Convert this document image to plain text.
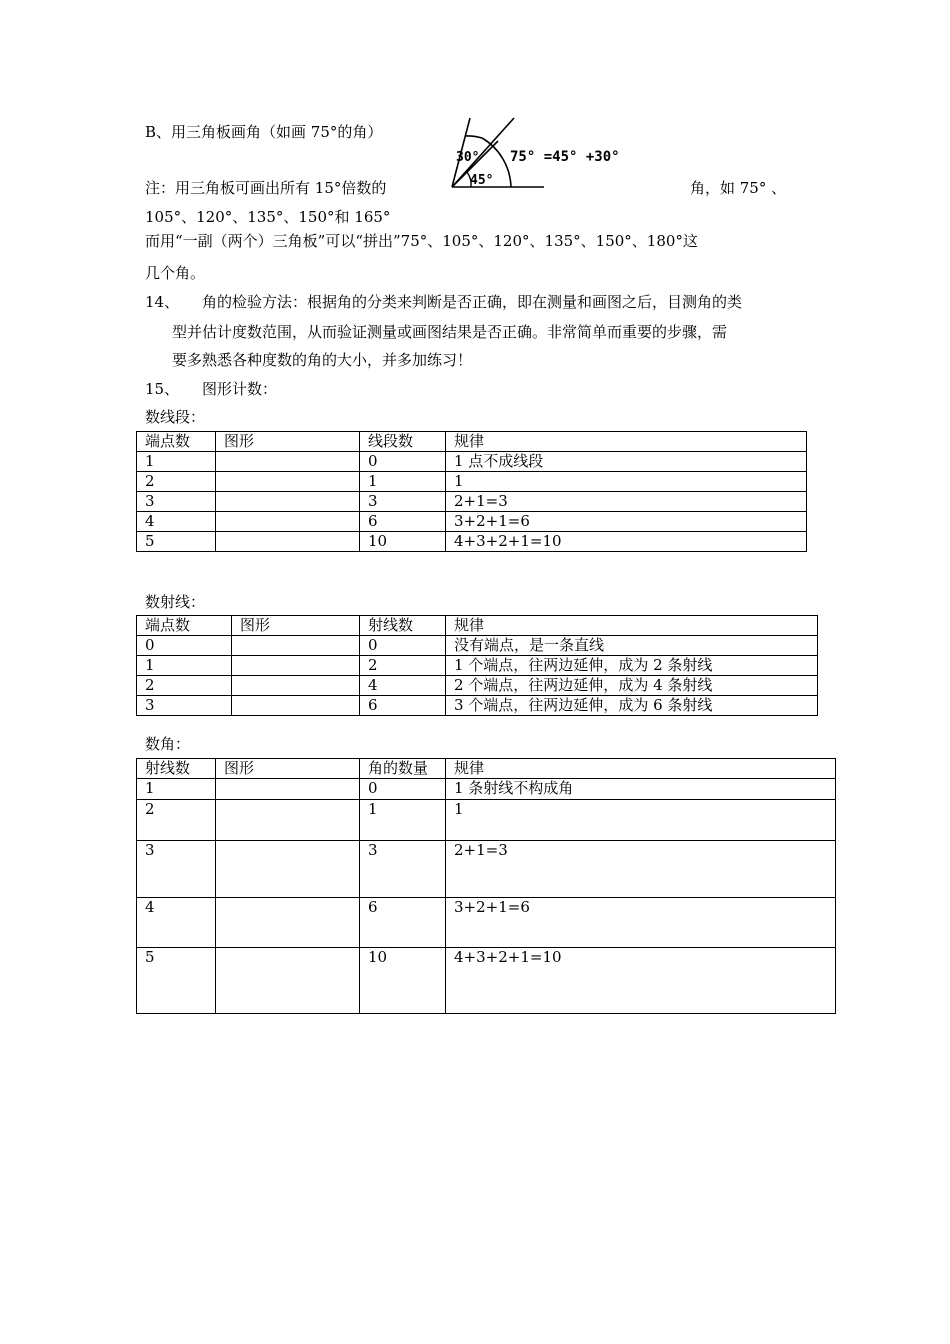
B、用三角板画角（如画 75°的角）
30°
45°
75° =45° +30°
注：用三角板可画出所有 15°倍数的	角，如 75° 、
105°、120°、135°、150°和 165°
而用“一副（两个）三角板”可以“拼出”75°、105°、120°、135°、150°、180°这
几个角。
14、 角的检验方法：根据角的分类来判断是否正确，即在测量和画图之后，目测角的类
型并估计度数范围，从而验证测量或画图结果是否正确。非常简单而重要的步骤，需
要多熟悉各种度数的角的大小，并多加练习！
15、 图形计数：
数线段：
端点数	图形	线段数	规律
1		0	1 点不成线段
2		1	1
3		3	2+1=3
4		6	3+2+1=6
5		10	4+3+2+1=10
数射线：
端点数	图形	射线数	规律
0		0	没有端点，是一条直线
1		2	1 个端点，往两边延伸，成为 2 条射线
2		4	2 个端点，往两边延伸，成为 4 条射线
3		6	3 个端点，往两边延伸，成为 6 条射线
数角：
射线数	图形	角的数量	规律
1		0	1 条射线不构成角
2		1	1
3		3	2+1=3
4		6	3+2+1=6
5		10	4+3+2+1=10
